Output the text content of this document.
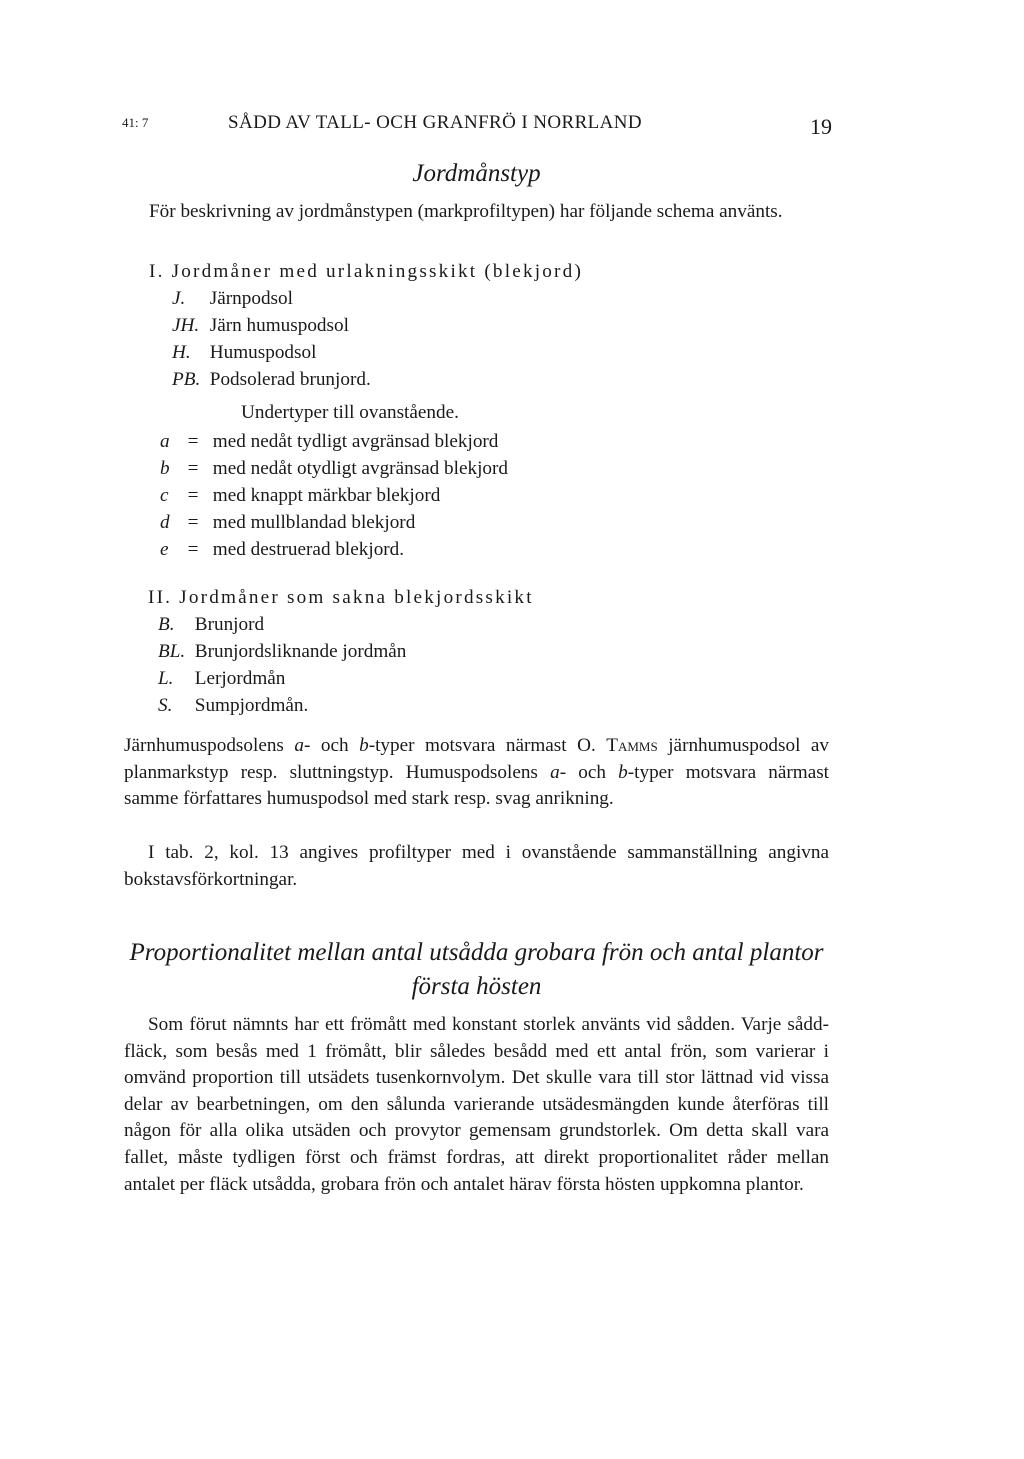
41: 7	SÅDD AV TALL- OCH GRANFRÖ I NORRLAND	19
Jordmånstyp

För beskrivning av jordmånstypen (markprofiltypen) har följande schema använts.

I. Jordmåner med urlakningsskikt (blekjord)
J. Järnpodsol
JH. Järn humuspodsol
H. Humuspodsol
PB. Podsolerad brunjord.
Undertyper till ovanstående.
a = med nedåt tydligt avgränsad blekjord
b = med nedåt otydligt avgränsad blekjord
c = med knappt märkbar blekjord
d = med mullblandad blekjord
e = med destruerad blekjord.
II. Jordmåner som sakna blekjordsskikt
B. Brunjord
BL. Brunjordsliknande jordmån
L. Lerjordmån
S. Sumpjordmån.

Järnhumuspodsolens a- och b-typer motsvara närmast O. Tamms järnhumuspodsol av planmarkstyp resp. sluttningstyp. Humuspodsolens a- och b-typer motsvara närmast samme författares humuspodsol med stark resp. svag anrikning.

I tab. 2, kol. 13 angives profiltyper med i ovanstående sammanställning angivna bokstavsförkortningar.

Proportionalitet mellan antal utsådda grobara frön och antal plantor
första hösten

Som förut nämnts har ett frömått med konstant storlek använts vid sådden. Varje såddfläck, som besås med 1 frömått, blir således besådd med ett antal frön, som varierar i omvänd proportion till utsädets tusenkornvolym. Det skulle vara till stor lättnad vid vissa delar av bearbetningen, om den sålunda varierande utsädesmängden kunde återföras till någon för alla olika utsäden och provytor gemensam grundstorlek. Om detta skall vara fallet, måste tydligen först och främst fordras, att direkt proportionalitet råder mellan antalet per fläck utsådda, grobara frön och antalet härav första hösten uppkomna plantor.
